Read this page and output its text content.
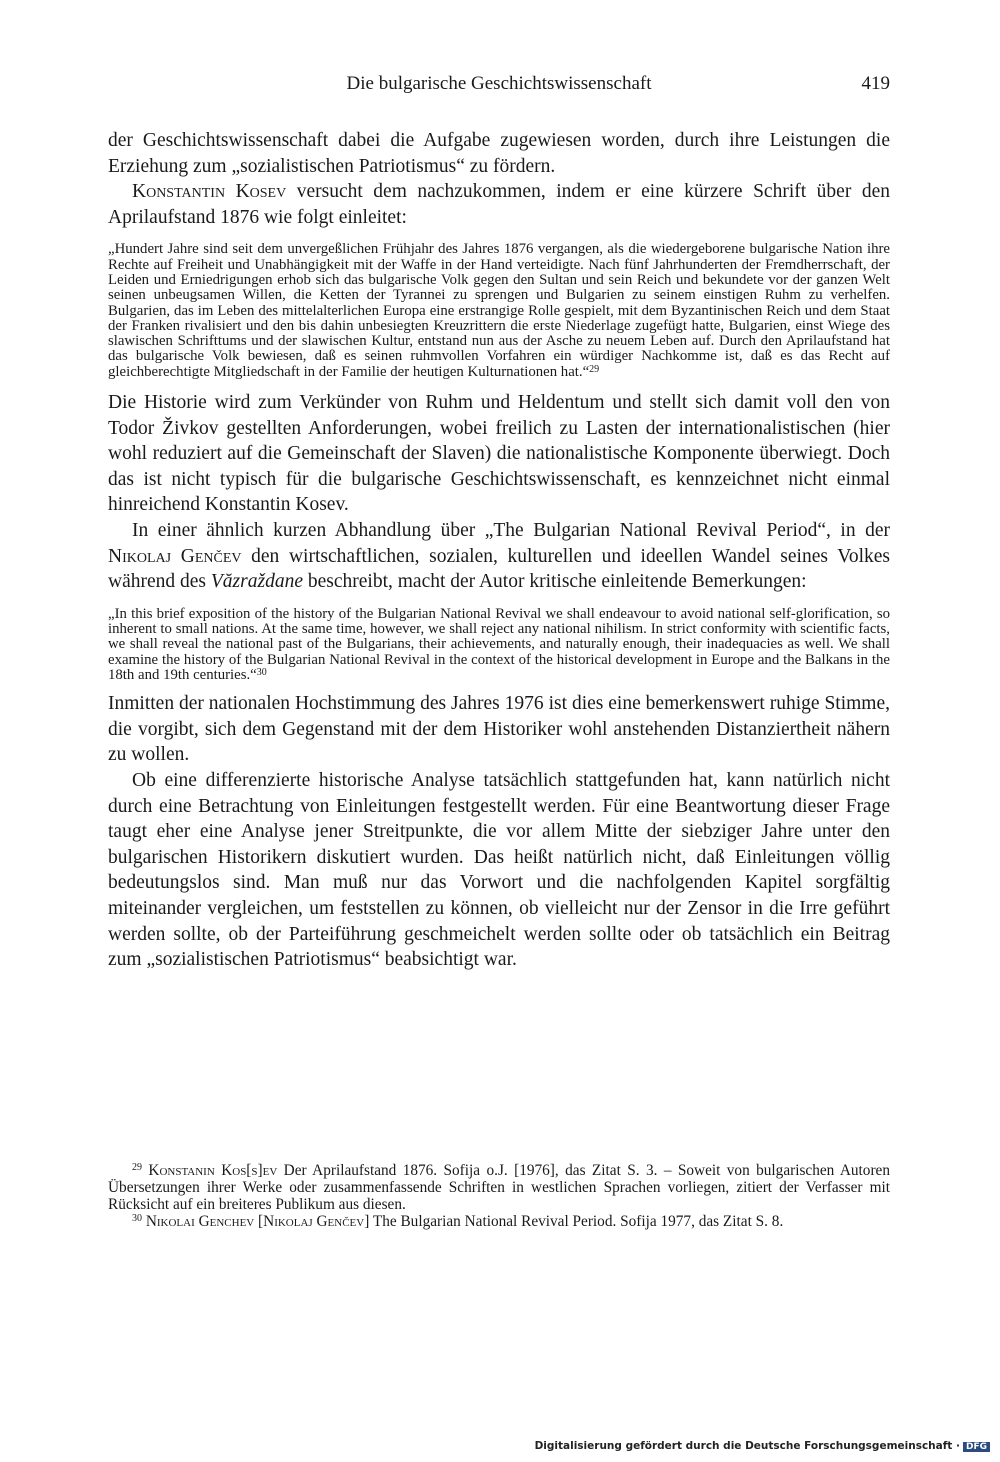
Die bulgarische Geschichtswissenschaft	419

der Geschichtswissenschaft dabei die Aufgabe zugewiesen worden, durch ihre Leistungen die Erziehung zum „sozialistischen Patriotismus“ zu fördern.

Konstantin Kosev versucht dem nachzukommen, indem er eine kürzere Schrift über den Aprilaufstand 1876 wie folgt einleitet:

„Hundert Jahre sind seit dem unvergeßlichen Frühjahr des Jahres 1876 vergangen, als die wiedergeborene bulgarische Nation ihre Rechte auf Freiheit und Unabhängigkeit mit der Waffe in der Hand verteidigte. Nach fünf Jahrhunderten der Fremdherrschaft, der Leiden und Erniedrigungen erhob sich das bulgarische Volk gegen den Sultan und sein Reich und bekundete vor der ganzen Welt seinen unbeugsamen Willen, die Ketten der Tyrannei zu sprengen und Bulgarien zu seinem einstigen Ruhm zu verhelfen. Bulgarien, das im Leben des mittelalterlichen Europa eine erstrangige Rolle gespielt, mit dem Byzantinischen Reich und dem Staat der Franken rivalisiert und den bis dahin unbesiegten Kreuzrittern die erste Niederlage zugefügt hatte, Bulgarien, einst Wiege des slawischen Schrifttums und der slawischen Kultur, entstand nun aus der Asche zu neuem Leben auf. Durch den Aprilaufstand hat das bulgarische Volk bewiesen, daß es seinen ruhmvollen Vorfahren ein würdiger Nachkomme ist, daß es das Recht auf gleichberechtigte Mitgliedschaft in der Familie der heutigen Kulturnationen hat.“$^{29}$

Die Historie wird zum Verkünder von Ruhm und Heldentum und stellt sich damit voll den von Todor Živkov gestellten Anforderungen, wobei freilich zu Lasten der internationalistischen (hier wohl reduziert auf die Gemeinschaft der Slaven) die nationalistische Komponente überwiegt. Doch das ist nicht typisch für die bulgarische Geschichtswissenschaft, es kennzeichnet nicht einmal hinreichend Konstantin Kosev.

In einer ähnlich kurzen Abhandlung über „The Bulgarian National Revival Period“, in der Nikolaj Genčev den wirtschaftlichen, sozialen, kulturellen und ideellen Wandel seines Volkes während des Văzraždane beschreibt, macht der Autor kritische einleitende Bemerkungen:

„In this brief exposition of the history of the Bulgarian National Revival we shall endeavour to avoid national self-glorification, so inherent to small nations. At the same time, however, we shall reject any national nihilism. In strict conformity with scientific facts, we shall reveal the national past of the Bulgarians, their achievements, and naturally enough, their inadequacies as well. We shall examine the history of the Bulgarian National Revival in the context of the historical development in Europe and the Balkans in the 18th and 19th centuries.“$^{30}$

Inmitten der nationalen Hochstimmung des Jahres 1976 ist dies eine bemerkenswert ruhige Stimme, die vorgibt, sich dem Gegenstand mit der dem Historiker wohl anstehenden Distanziertheit nähern zu wollen.

Ob eine differenzierte historische Analyse tatsächlich stattgefunden hat, kann natürlich nicht durch eine Betrachtung von Einleitungen festgestellt werden. Für eine Beantwortung dieser Frage taugt eher eine Analyse jener Streitpunkte, die vor allem Mitte der siebziger Jahre unter den bulgarischen Historikern diskutiert wurden. Das heißt natürlich nicht, daß Einleitungen völlig bedeutungslos sind. Man muß nur das Vorwort und die nachfolgenden Kapitel sorgfältig miteinander vergleichen, um feststellen zu können, ob vielleicht nur der Zensor in die Irre geführt werden sollte, ob der Parteiführung geschmeichelt werden sollte oder ob tatsächlich ein Beitrag zum „sozialistischen Patriotismus“ beabsichtigt war.

$^{29}$ Konstanin Kos[s]ev Der Aprilaufstand 1876. Sofija o.J. [1976], das Zitat S. 3. – Soweit von bulgarischen Autoren Übersetzungen ihrer Werke oder zusammenfassende Schriften in westlichen Sprachen vorliegen, zitiert der Verfasser mit Rücksicht auf ein breiteres Publikum aus diesen.

$^{30}$ Nikolai Genchev [Nikolaj Genčev] The Bulgarian National Revival Period. Sofija 1977, das Zitat S. 8.

Digitalisierung gefördert durch die Deutsche Forschungsgemeinschaft · DFG
